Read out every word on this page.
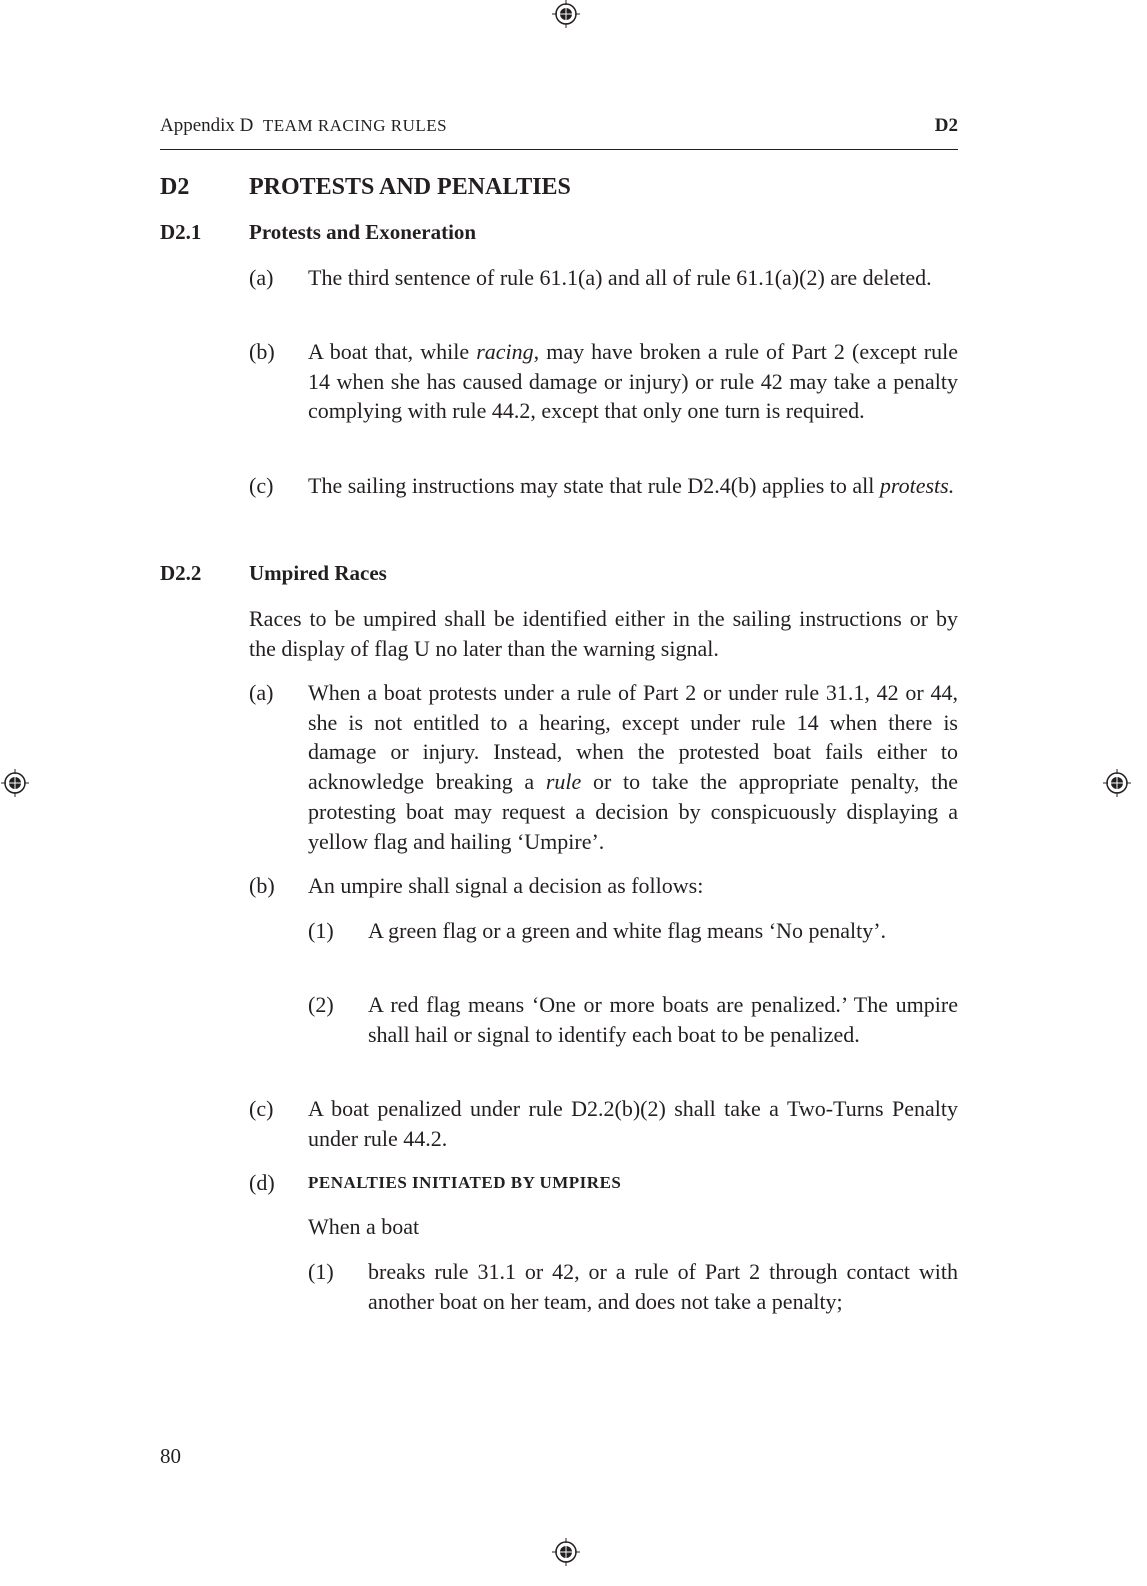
Appendix D TEAM RACING RULES	D2
D2 PROTESTS AND PENALTIES
D2.1 Protests and Exoneration
(a)	The third sentence of rule 61.1(a) and all of rule 61.1(a)(2) are deleted.
(b)	A boat that, while racing, may have broken a rule of Part 2 (except rule 14 when she has caused damage or injury) or rule 42 may take a penalty complying with rule 44.2, except that only one turn is required.
(c)	The sailing instructions may state that rule D2.4(b) applies to all protests.
D2.2 Umpired Races
Races to be umpired shall be identified either in the sailing instructions or by the display of flag U no later than the warning signal.
(a)	When a boat protests under a rule of Part 2 or under rule 31.1, 42 or 44, she is not entitled to a hearing, except under rule 14 when there is damage or injury. Instead, when the protested boat fails either to acknowledge breaking a rule or to take the appropriate penalty, the protesting boat may request a decision by conspicuously displaying a yellow flag and hailing ‘Umpire’.
(b)	An umpire shall signal a decision as follows:
(1)	A green flag or a green and white flag means ‘No penalty’.
(2)	A red flag means ‘One or more boats are penalized.’ The umpire shall hail or signal to identify each boat to be penalized.
(c)	A boat penalized under rule D2.2(b)(2) shall take a Two-Turns Penalty under rule 44.2.
(d)	PENALTIES INITIATED BY UMPIRES
When a boat
(1)	breaks rule 31.1 or 42, or a rule of Part 2 through contact with another boat on her team, and does not take a penalty;
80
